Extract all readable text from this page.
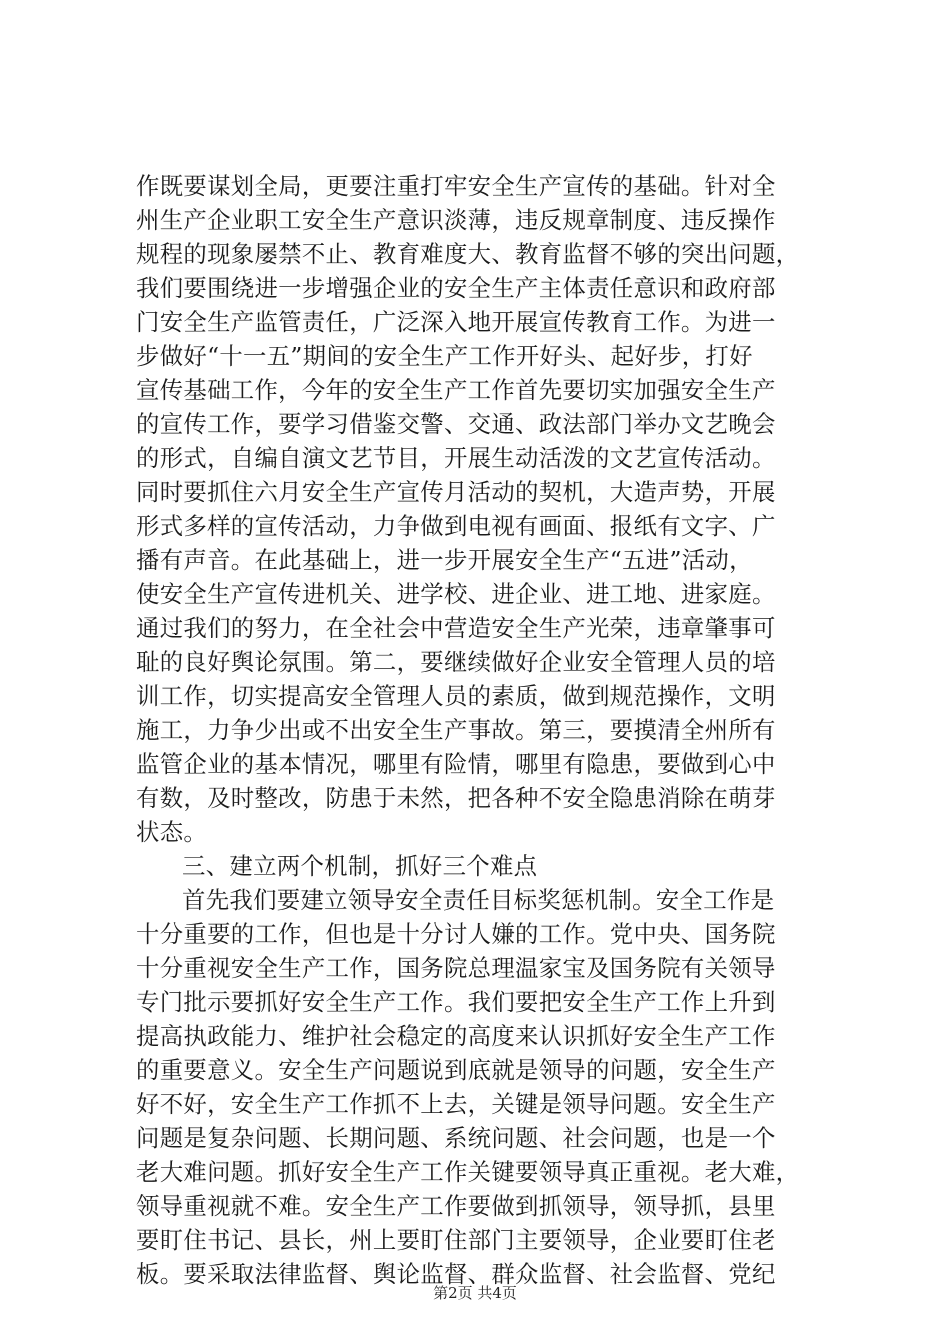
作既要谋划全局，更要注重打牢安全生产宣传的基础。针对全
州生产企业职工安全生产意识淡薄，违反规章制度、违反操作
规程的现象屡禁不止、教育难度大、教育监督不够的突出问题，
我们要围绕进一步增强企业的安全生产主体责任意识和政府部
门安全生产监管责任，广泛深入地开展宣传教育工作。为进一
步做好“十一五”期间的安全生产工作开好头、起好步，打好
宣传基础工作，今年的安全生产工作首先要切实加强安全生产
的宣传工作，要学习借鉴交警、交通、政法部门举办文艺晚会
的形式，自编自演文艺节目，开展生动活泼的文艺宣传活动。
同时要抓住六月安全生产宣传月活动的契机，大造声势，开展
形式多样的宣传活动，力争做到电视有画面、报纸有文字、广
播有声音。在此基础上，进一步开展安全生产“五进”活动，
使安全生产宣传进机关、进学校、进企业、进工地、进家庭。
通过我们的努力，在全社会中营造安全生产光荣，违章肇事可
耻的良好舆论氛围。第二，要继续做好企业安全管理人员的培
训工作，切实提高安全管理人员的素质，做到规范操作，文明
施工，力争少出或不出安全生产事故。第三，要摸清全州所有
监管企业的基本情况，哪里有险情，哪里有隐患，要做到心中
有数，及时整改，防患于未然，把各种不安全隐患消除在萌芽
状态。
三、建立两个机制，抓好三个难点
首先我们要建立领导安全责任目标奖惩机制。安全工作是
十分重要的工作，但也是十分讨人嫌的工作。党中央、国务院
十分重视安全生产工作，国务院总理温家宝及国务院有关领导
专门批示要抓好安全生产工作。我们要把安全生产工作上升到
提高执政能力、维护社会稳定的高度来认识抓好安全生产工作
的重要意义。安全生产问题说到底就是领导的问题，安全生产
好不好，安全生产工作抓不上去，关键是领导问题。安全生产
问题是复杂问题、长期问题、系统问题、社会问题，也是一个
老大难问题。抓好安全生产工作关键要领导真正重视。老大难，
领导重视就不难。安全生产工作要做到抓领导，领导抓，县里
要盯住书记、县长，州上要盯住部门主要领导，企业要盯住老
板。要采取法律监督、舆论监督、群众监督、社会监督、党纪
第2页 共4页
